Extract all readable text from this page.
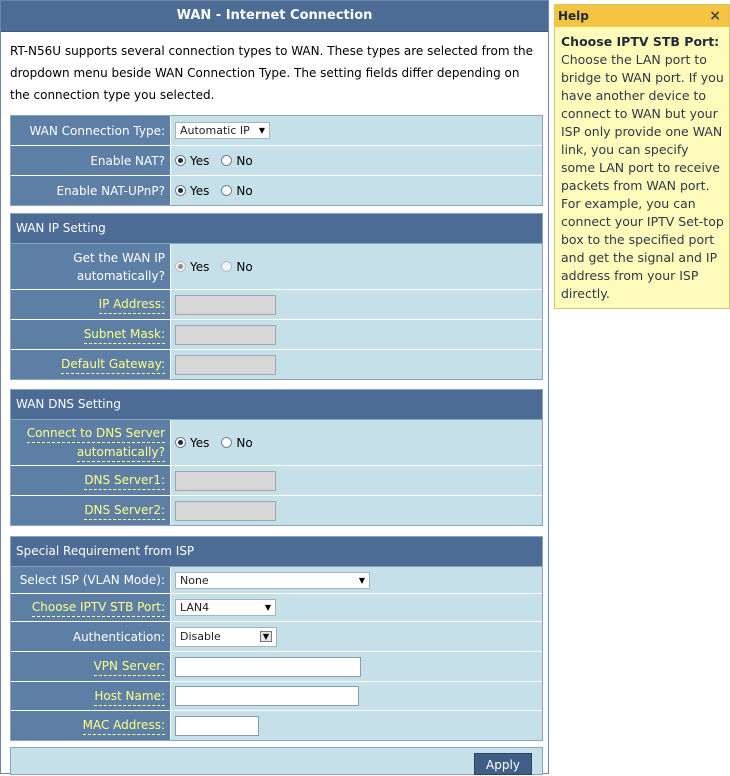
WAN - Internet Connection
RT-N56U supports several connection types to WAN. These types are selected from the dropdown menu beside WAN Connection Type. The setting fields differ depending on the connection type you selected.
WAN Connection Type: Automatic IP ▼
Enable NAT? Yes No
Enable NAT-UPnP? Yes No
WAN IP Setting
Get the WAN IP
automatically?
Yes No
IP Address:
Subnet Mask:
Default Gateway:
WAN DNS Setting
Connect to DNS Server
automatically?
Yes No
DNS Server1:
DNS Server2:
Special Requirement from ISP
Select ISP (VLAN Mode): None	▼
Choose IPTV STB Port: LAN4	▼
Authentication: Disable	▼
VPN Server:
Host Name:
MAC Address:
Apply
Help	×
Choose IPTV STB Port:
Choose the LAN port to bridge to WAN port. If you have another device to connect to WAN but your ISP only provide one WAN link, you can specify some LAN port to receive packets from WAN port. For example, you can connect your IPTV Set-top box to the specified port and get the signal and IP address from your ISP directly.
